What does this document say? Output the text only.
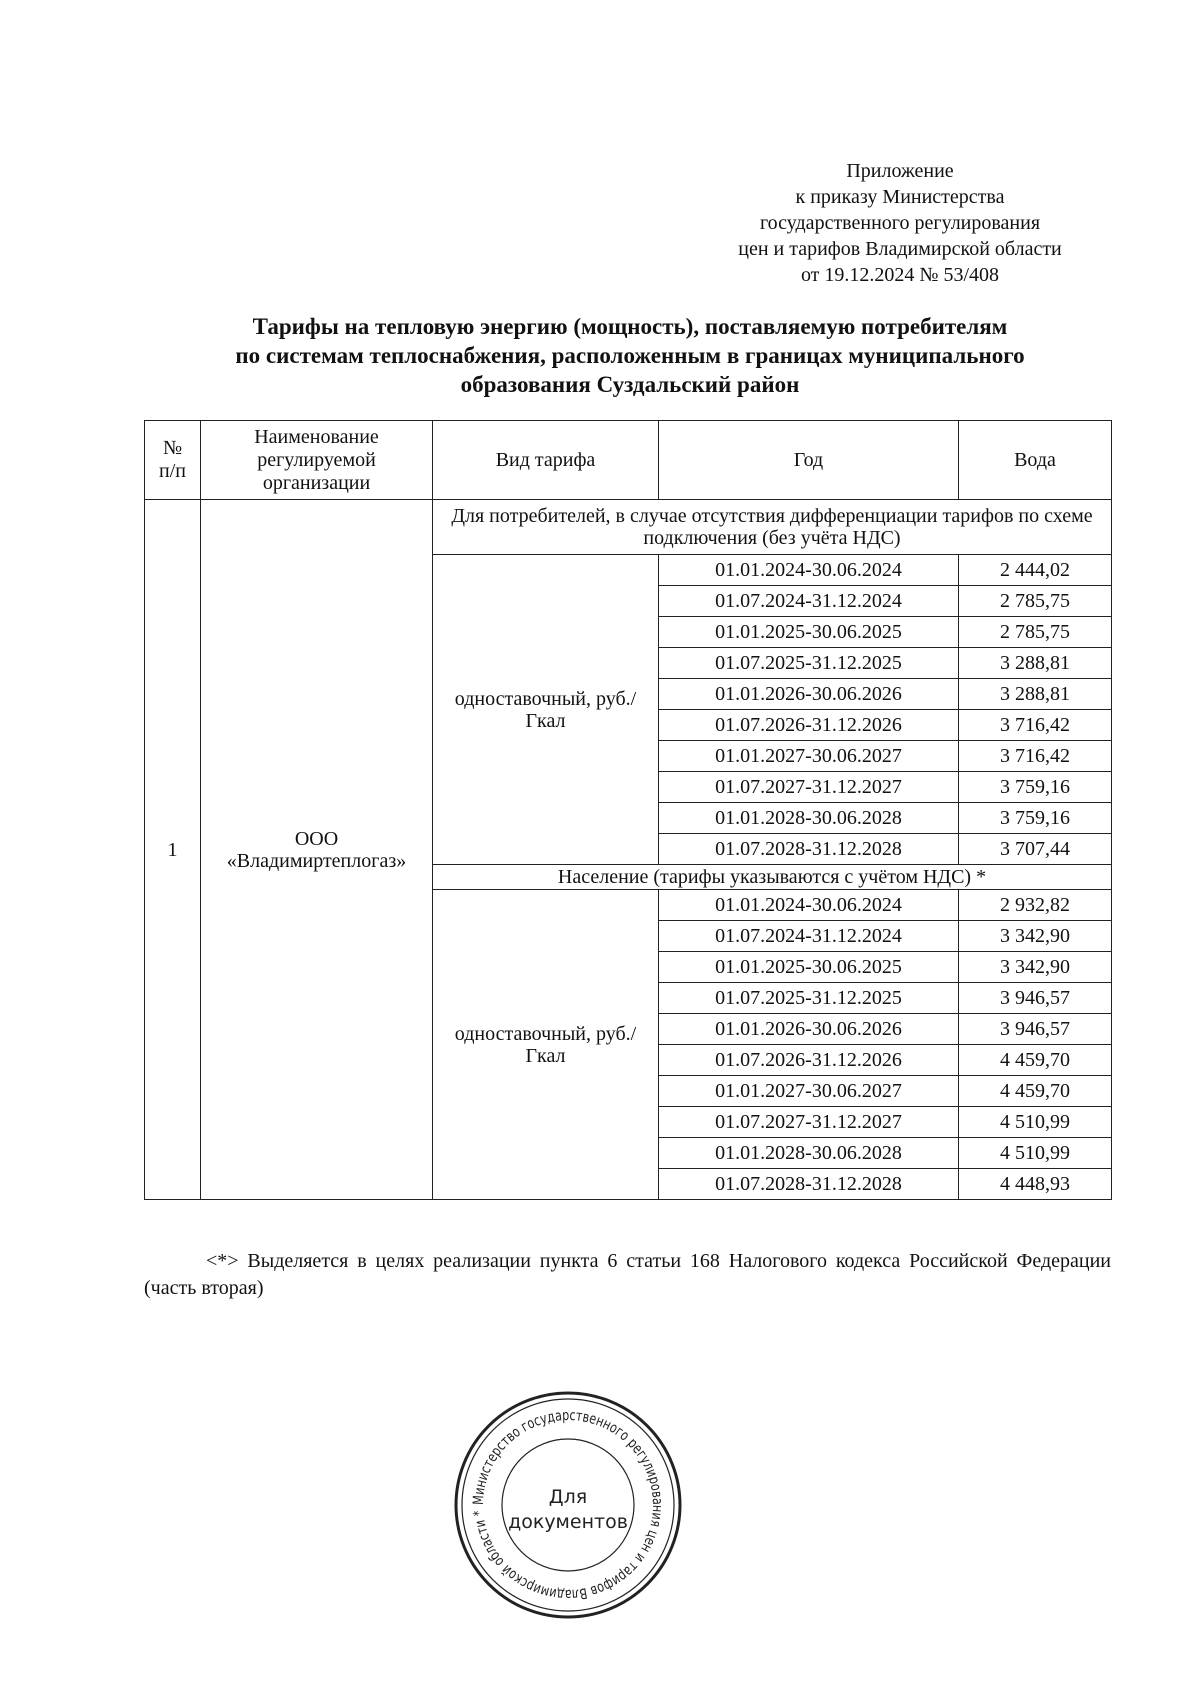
Приложение
к приказу Министерства
государственного регулирования
цен и тарифов Владимирской области
от 19.12.2024 № 53/408
Тарифы на тепловую энергию (мощность), поставляемую потребителям
по системам теплоснабжения, расположенным в границах муниципального
образования Суздальский район
№
п/п	Наименование регулируемой организации	Вид тарифа	Год	Вода
1	ООО «Владимиртеплогаз»	Для потребителей, в случае отсутствия дифференциации тарифов по схеме подключения (без учёта НДС)		
		одноставочный, руб./Гкал	01.01.2024-30.06.2024	2 444,02
			01.07.2024-31.12.2024	2 785,75
			01.01.2025-30.06.2025	2 785,75
			01.07.2025-31.12.2025	3 288,81
			01.01.2026-30.06.2026	3 288,81
			01.07.2026-31.12.2026	3 716,42
			01.01.2027-30.06.2027	3 716,42
			01.07.2027-31.12.2027	3 759,16
			01.01.2028-30.06.2028	3 759,16
			01.07.2028-31.12.2028	3 707,44
		Население (тарифы указываются с учётом НДС) *		
		одноставочный, руб./Гкал	01.01.2024-30.06.2024	2 932,82
			01.07.2024-31.12.2024	3 342,90
			01.01.2025-30.06.2025	3 342,90
			01.07.2025-31.12.2025	3 946,57
			01.01.2026-30.06.2026	3 946,57
			01.07.2026-31.12.2026	4 459,70
			01.01.2027-30.06.2027	4 459,70
			01.07.2027-31.12.2027	4 510,99
			01.01.2028-30.06.2028	4 510,99
			01.07.2028-31.12.2028	4 448,93
<*> Выделяется в целях реализации пункта 6 статьи 168 Налогового кодекса Российской Федерации (часть вторая)
Министерство государственного регулирования цен и тарифов Владимирской области *
Для
документов
